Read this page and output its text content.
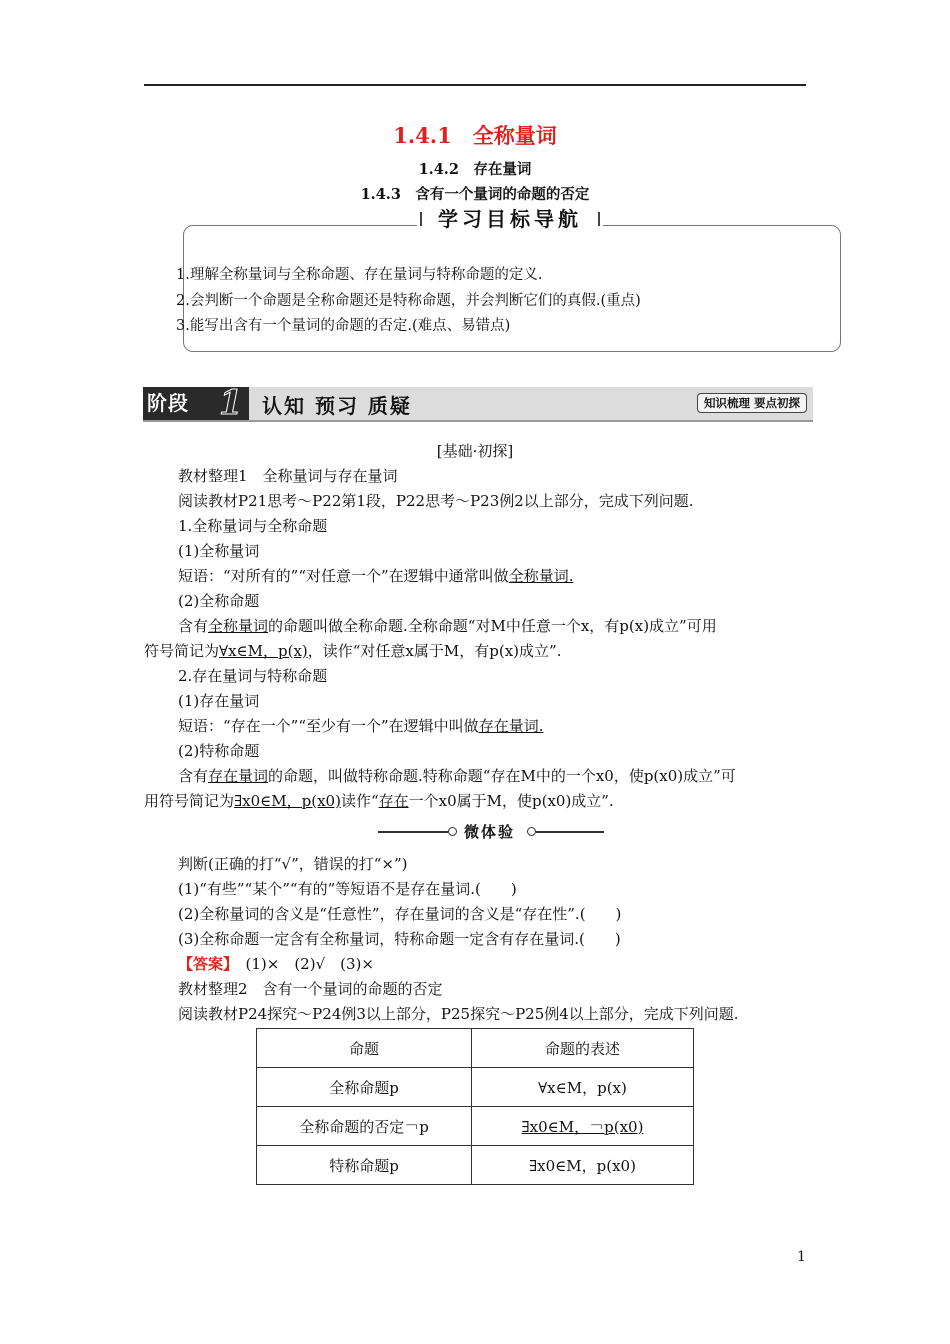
1.4.1　全称量词
1.4.2　存在量词
1.4.3　含有一个量词的命题的否定
学习目标导航
1.理解全称量词与全称命题、存在量词与特称命题的定义.
2.会判断一个命题是全称命题还是特称命题，并会判断它们的真假.(重点)
3.能写出含有一个量词的命题的否定.(难点、易错点)
阶段 1 认知 预习 质疑	知识梳理 要点初探
[基础·初探]
教材整理1　全称量词与存在量词
阅读教材P21思考～P22第1段，P22思考～P23例2以上部分，完成下列问题.
1.全称量词与全称命题
(1)全称量词
短语：“对所有的”“对任意一个”在逻辑中通常叫做全称量词.
(2)全称命题
含有全称量词的命题叫做全称命题.全称命题“对M中任意一个x，有p(x)成立”可用
符号简记为∀x∈M，p(x)，读作“对任意x属于M，有p(x)成立”.
2.存在量词与特称命题
(1)存在量词
短语：“存在一个”“至少有一个”在逻辑中叫做存在量词.
(2)特称命题
含有存在量词的命题，叫做特称命题.特称命题“存在M中的一个x0，使p(x0)成立”可
用符号简记为∃x0∈M，p(x0)读作“存在一个x0属于M，使p(x0)成立”.
微体验
判断(正确的打“√”，错误的打“×”)
(1)“有些”“某个”“有的”等短语不是存在量词.(　　)
(2)全称量词的含义是“任意性”，存在量词的含义是“存在性”.(　　)
(3)全称命题一定含有全称量词，特称命题一定含有存在量词.(　　)
【答案】　(1)×　(2)√　(3)×
教材整理2　含有一个量词的命题的否定
阅读教材P24探究～P24例3以上部分，P25探究～P25例4以上部分，完成下列问题.
命题	命题的表述
全称命题p	∀x∈M，p(x)
全称命题的否定￢p	∃x0∈M，￢p(x0)
特称命题p	∃x0∈M，p(x0)
1
